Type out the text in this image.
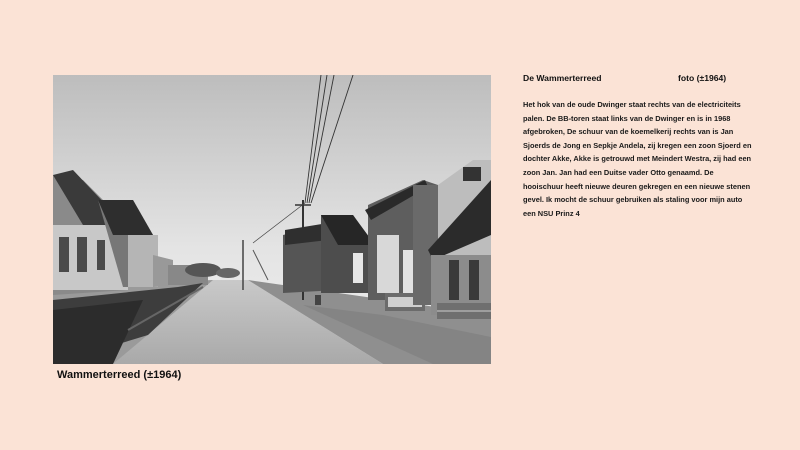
Wammerterreed (±1964)
De Wammerterreed	foto (±1964)
Het hok van de oude Dwinger staat rechts van de electriciteits palen. De BB-toren staat links van de Dwinger en is in 1968 afgebroken, De schuur van de koemelkerij rechts van is Jan Sjoerds de Jong en Sepkje Andela, zij kregen een zoon Sjoerd en dochter Akke, Akke is getrouwd met Meindert Westra, zij had een zoon Jan. Jan had een Duitse vader Otto genaamd. De hooischuur heeft nieuwe deuren gekregen en een nieuwe stenen gevel. Ik mocht de schuur gebruiken als staling voor mijn auto een NSU Prinz 4
